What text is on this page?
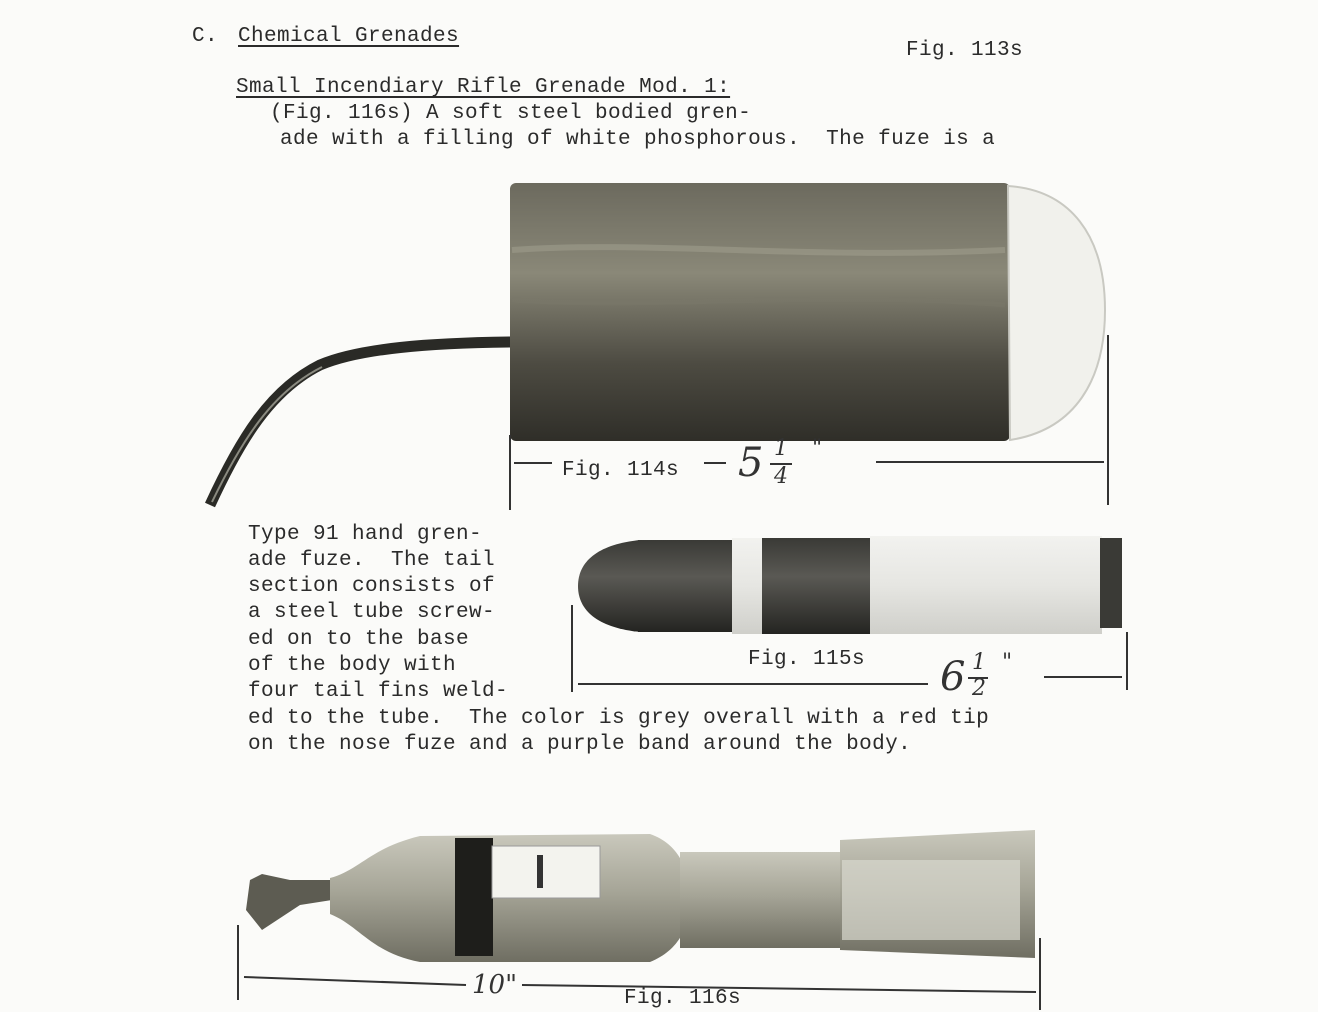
C. Chemical Grenades
Fig. 113s
Small Incendiary Rifle Grenade Mod. 1:
(Fig. 116s) A soft steel bodied gren-
ade with a filling of white phosphorous.  The fuze is a
Type 91 hand gren-
ade fuze.  The tail
section consists of
a steel tube screw-
ed on to the base
of the body with
four tail fins weld-
ed to the tube.  The color is grey overall with a red tip
on the nose fuze and a purple band around the body.
Fig. 114s 5 1
4
"
Fig. 115s 6 1
2
"
10"	Fig. 116s
